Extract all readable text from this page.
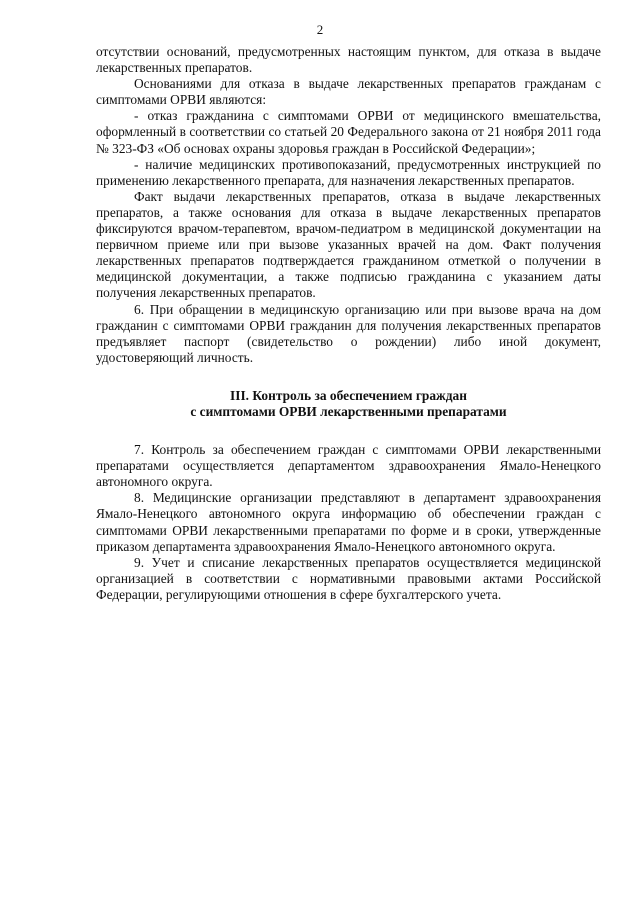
2

отсутствии оснований, предусмотренных настоящим пунктом, для отказа в выдаче лекарственных препаратов.

Основаниями для отказа в выдаче лекарственных препаратов гражданам с симптомами ОРВИ являются:

- отказ гражданина с симптомами ОРВИ от медицинского вмешательства, оформленный в соответствии со статьей 20 Федерального закона от 21 ноября 2011 года № 323-ФЗ «Об основах охраны здоровья граждан в Российской Федерации»;

- наличие медицинских противопоказаний, предусмотренных инструкцией по применению лекарственного препарата, для назначения лекарственных препаратов.

Факт выдачи лекарственных препаратов, отказа в выдаче лекарственных препаратов, а также основания для отказа в выдаче лекарственных препаратов фиксируются врачом-терапевтом, врачом-педиатром в медицинской документации на первичном приеме или при вызове указанных врачей на дом. Факт получения лекарственных препаратов подтверждается гражданином отметкой о получении в медицинской документации, а также подписью гражданина с указанием даты получения лекарственных препаратов.

6. При обращении в медицинскую организацию или при вызове врача на дом гражданин с симптомами ОРВИ гражданин для получения лекарственных препаратов предъявляет паспорт (свидетельство о рождении) либо иной документ, удостоверяющий личность.

III. Контроль за обеспечением граждан
с симптомами ОРВИ лекарственными препаратами

7. Контроль за обеспечением граждан с симптомами ОРВИ лекарственными препаратами осуществляется департаментом здравоохранения Ямало-Ненецкого автономного округа.

8. Медицинские организации представляют в департамент здравоохранения Ямало-Ненецкого автономного округа информацию об обеспечении граждан с симптомами ОРВИ лекарственными препаратами по форме и в сроки, утвержденные приказом департамента здравоохранения Ямало-Ненецкого автономного округа.

9. Учет и списание лекарственных препаратов осуществляется медицинской организацией в соответствии с нормативными правовыми актами Российской Федерации, регулирующими отношения в сфере бухгалтерского учета.
